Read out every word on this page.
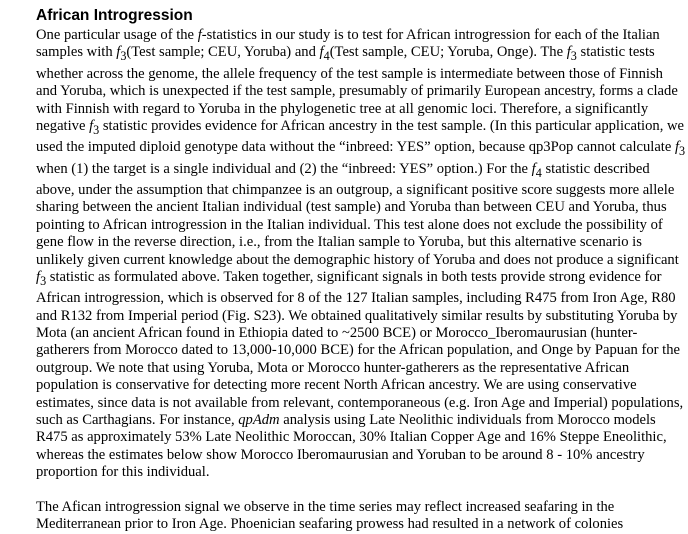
African Introgression

One particular usage of the f-statistics in our study is to test for African introgression for each of the Italian samples with $f_3(Test$ sample; CEU, Yoruba) and $f_4(Test$ sample, CEU; Yoruba, Onge). The $f_3$ statistic tests whether across the genome, the allele frequency of the test sample is intermediate between those of Finnish and Yoruba, which is unexpected if the test sample, presumably of primarily European ancestry, forms a clade with Finnish with regard to Yoruba in the phylogenetic tree at all genomic loci. Therefore, a significantly negative $f_3$ statistic provides evidence for African ancestry in the test sample. (In this particular application, we used the imputed diploid genotype data without the “inbreed: YES” option, because qp3Pop cannot calculate $f_3$ when (1) the target is a single individual and (2) the “inbreed: YES” option.) For the $f_4$ statistic described above, under the assumption that chimpanzee is an outgroup, a significant positive score suggests more allele sharing between the ancient Italian individual (test sample) and Yoruba than between CEU and Yoruba, thus pointing to African introgression in the Italian individual. This test alone does not exclude the possibility of gene flow in the reverse direction, i.e., from the Italian sample to Yoruba, but this alternative scenario is unlikely given current knowledge about the demographic history of Yoruba and does not produce a significant $f_3$ statistic as formulated above. Taken together, significant signals in both tests provide strong evidence for African introgression, which is observed for 8 of the 127 Italian samples, including R475 from Iron Age, R80 and R132 from Imperial period (Fig. S23). We obtained qualitatively similar results by substituting Yoruba by Mota (an ancient African found in Ethiopia dated to ~2500 BCE) or Morocco_Iberomaurusian (hunter-gatherers from Morocco dated to 13,000-10,000 BCE) for the African population, and Onge by Papuan for the outgroup. We note that using Yoruba, Mota or Morocco hunter-gatherers as the representative African population is conservative for detecting more recent North African ancestry. We are using conservative estimates, since data is not available from relevant, contemporaneous (e.g. Iron Age and Imperial) populations, such as Carthagians. For instance, qpAdm analysis using Late Neolithic individuals from Morocco models R475 as approximately 53% Late Neolithic Moroccan, 30% Italian Copper Age and 16% Steppe Eneolithic, whereas the estimates below show Morocco Iberomaurusian and Yoruban to be around 8 - 10% ancestry proportion for this individual.

The Afican introgression signal we observe in the time series may reflect increased seafaring in the Mediterranean prior to Iron Age. Phoenician seafaring prowess had resulted in a network of colonies
